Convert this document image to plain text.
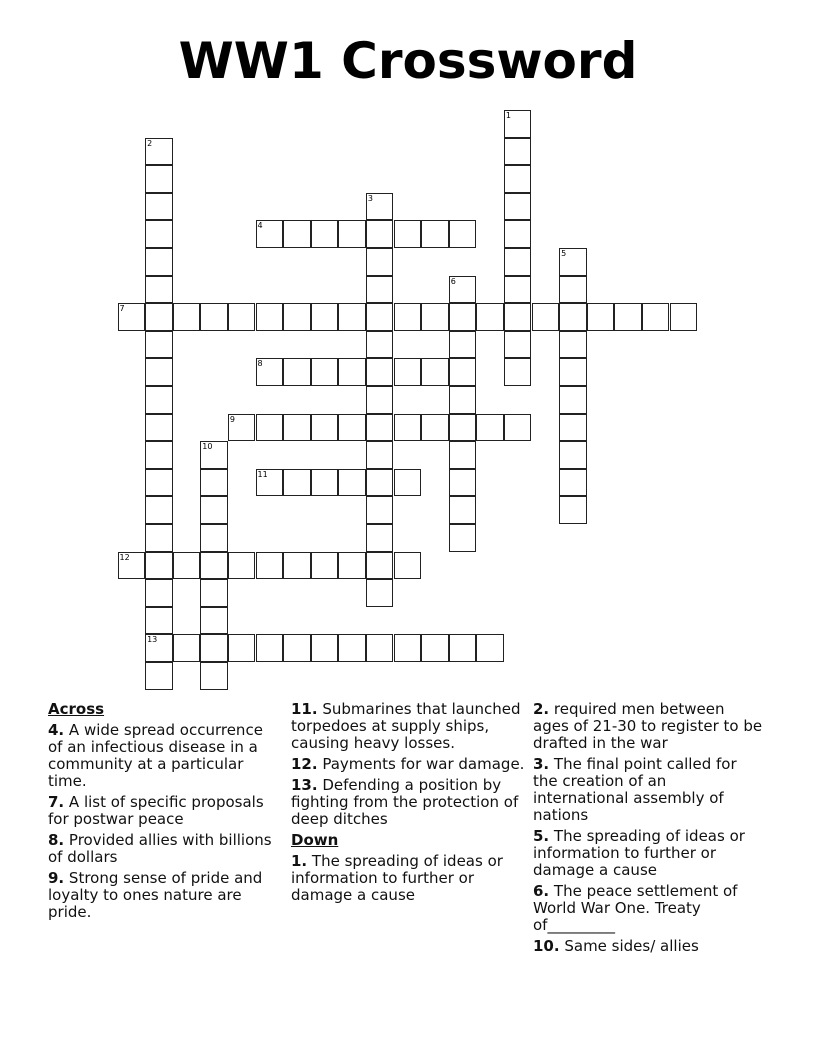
WW1 Crossword
1
2
13
3
4
5
6
7
8
9
10
11
12
Across
4. A wide spread occurrence of an infectious disease in a community at a particular time.
7. A list of specific proposals for postwar peace
8. Provided allies with billions of dollars
9. Strong sense of pride and loyalty to ones nature are pride.
11. Submarines that launched torpedoes at supply ships, causing heavy losses.
12. Payments for war damage.
13. Defending a position by fighting from the protection of deep ditches
Down
1. The spreading of ideas or information to further or damage a cause
2. required men between ages of 21-30 to register to be drafted in the war
3. The final point called for the creation of an international assembly of nations
5. The spreading of ideas or information to further or damage a cause
6. The peace settlement of World War One. Treaty of_________
10. Same sides/ allies
